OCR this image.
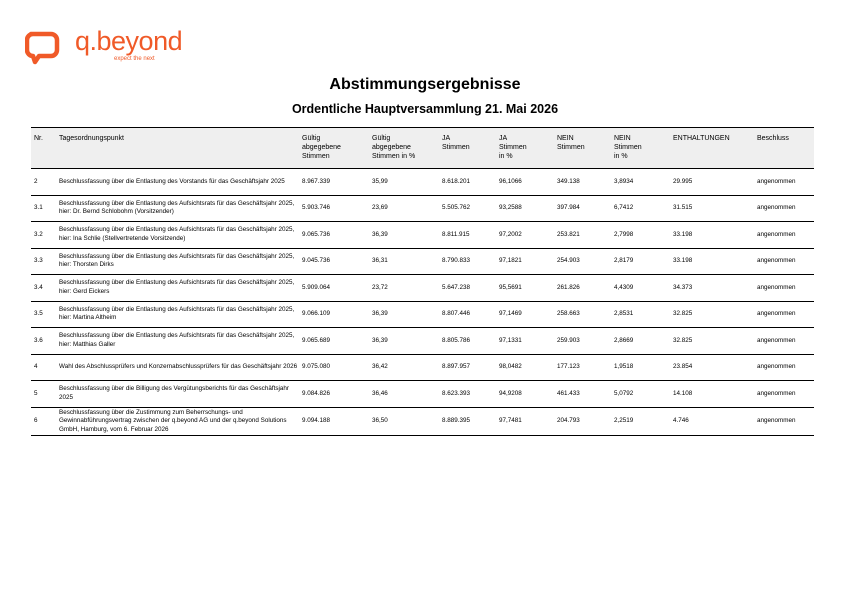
q.beyond
expect the next
Abstimmungsergebnisse
Ordentliche Hauptversammlung 21. Mai 2026
Nr.	Tagesordnungspunkt	Gültig
abgegebene
Stimmen	Gültig
abgegebene
Stimmen in %	JA
Stimmen	JA
Stimmen
in %	NEIN
Stimmen	NEIN
Stimmen
in %	ENTHALTUNGEN	Beschluss
2	Beschlussfassung über die Entlastung des Vorstands für das Geschäftsjahr 2025	8.967.339	35,99	8.618.201	96,1066	349.138	3,8934	29.995	angenommen
3.1	Beschlussfassung über die Entlastung des Aufsichtsrats für das Geschäftsjahr 2025, hier: Dr. Bernd Schlobohm (Vorsitzender)	5.903.746	23,69	5.505.762	93,2588	397.984	6,7412	31.515	angenommen
3.2	Beschlussfassung über die Entlastung des Aufsichtsrats für das Geschäftsjahr 2025, hier: Ina Schlie (Stellvertretende Vorsitzende)	9.065.736	36,39	8.811.915	97,2002	253.821	2,7998	33.198	angenommen
3.3	Beschlussfassung über die Entlastung des Aufsichtsrats für das Geschäftsjahr 2025, hier: Thorsten Dirks	9.045.736	36,31	8.790.833	97,1821	254.903	2,8179	33.198	angenommen
3.4	Beschlussfassung über die Entlastung des Aufsichtsrats für das Geschäftsjahr 2025, hier: Gerd Eickers	5.909.064	23,72	5.647.238	95,5691	261.826	4,4309	34.373	angenommen
3.5	Beschlussfassung über die Entlastung des Aufsichtsrats für das Geschäftsjahr 2025, hier: Martina Altheim	9.066.109	36,39	8.807.446	97,1469	258.663	2,8531	32.825	angenommen
3.6	Beschlussfassung über die Entlastung des Aufsichtsrats für das Geschäftsjahr 2025, hier: Matthias Galler	9.065.689	36,39	8.805.786	97,1331	259.903	2,8669	32.825	angenommen
4	Wahl des Abschlussprüfers und Konzernabschlussprüfers für das Geschäftsjahr 2026	9.075.080	36,42	8.897.957	98,0482	177.123	1,9518	23.854	angenommen
5	Beschlussfassung über die Billigung des Vergütungsberichts für das Geschäftsjahr 2025	9.084.826	36,46	8.623.393	94,9208	461.433	5,0792	14.108	angenommen
6	Beschlussfassung über die Zustimmung zum Beherrschungs- und Gewinnabführungsvertrag zwischen der q.beyond AG und der q.beyond Solutions GmbH, Hamburg, vom 6. Februar 2026	9.094.188	36,50	8.889.395	97,7481	204.793	2,2519	4.746	angenommen
